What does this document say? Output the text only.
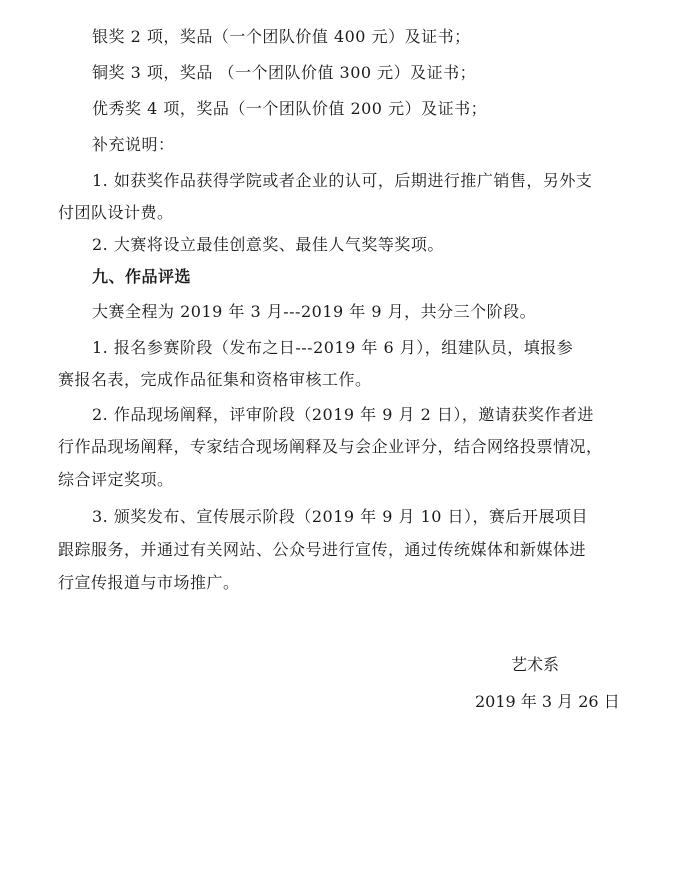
银奖 2 项，奖品（一个团队价值 400 元）及证书；
铜奖 3 项，奖品 （一个团队价值 300 元）及证书；
优秀奖 4 项，奖品（一个团队价值 200 元）及证书；
补充说明：
1. 如获奖作品获得学院或者企业的认可，后期进行推广销售，另外支
付团队设计费。
2. 大赛将设立最佳创意奖、最佳人气奖等奖项。
九、作品评选
大赛全程为 2019 年 3 月---2019 年 9 月，共分三个阶段。
1. 报名参赛阶段（发布之日---2019 年 6 月），组建队员，填报参
赛报名表，完成作品征集和资格审核工作。
2. 作品现场阐释，评审阶段（2019 年 9 月 2 日），邀请获奖作者进
行作品现场阐释，专家结合现场阐释及与会企业评分，结合网络投票情况，
综合评定奖项。
3. 颁奖发布、宣传展示阶段（2019 年 9 月 10 日），赛后开展项目
跟踪服务，并通过有关网站、公众号进行宣传，通过传统媒体和新媒体进
行宣传报道与市场推广。
艺术系
2019 年 3 月 26 日
